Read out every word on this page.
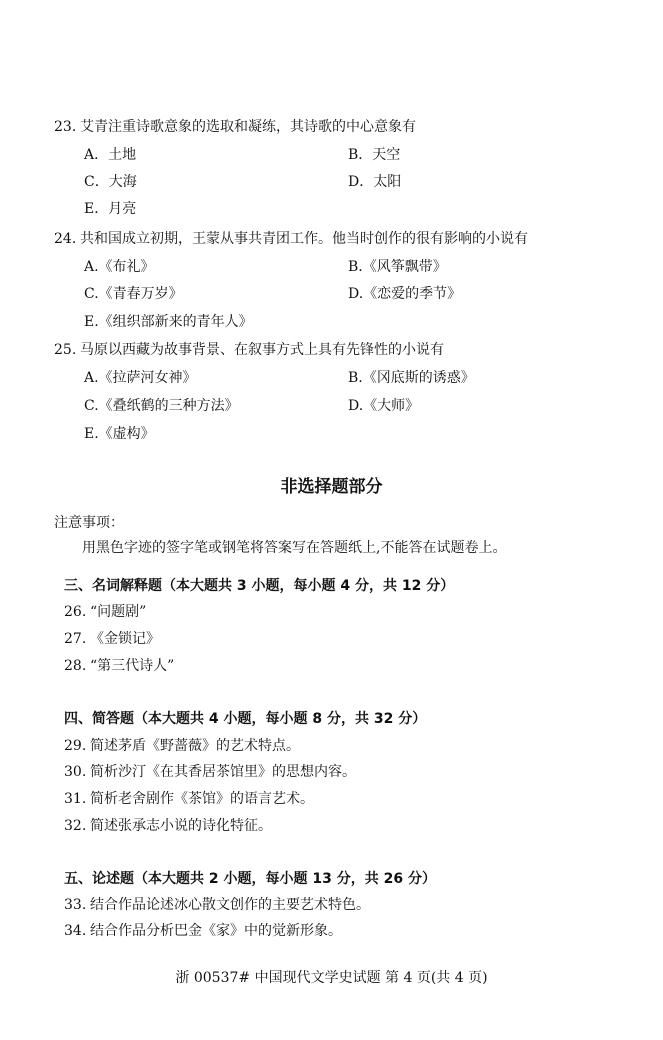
23. 艾青注重诗歌意象的选取和凝练，其诗歌的中心意象有
A．土地	B．天空
C．大海	D．太阳
E．月亮
24. 共和国成立初期，王蒙从事共青团工作。他当时创作的很有影响的小说有
A.《布礼》	B.《风筝飘带》
C.《青春万岁》	D.《恋爱的季节》
E.《组织部新来的青年人》
25. 马原以西藏为故事背景、在叙事方式上具有先锋性的小说有
A.《拉萨河女神》	B.《冈底斯的诱惑》
C.《叠纸鹤的三种方法》	D.《大师》
E.《虚构》
非选择题部分
注意事项：
用黑色字迹的签字笔或钢笔将答案写在答题纸上,不能答在试题卷上。
三、名词解释题（本大题共 3 小题，每小题 4 分，共 12 分）
26. “问题剧”
27. 《金锁记》
28. “第三代诗人”
四、简答题（本大题共 4 小题，每小题 8 分，共 32 分）
29. 简述茅盾《野蔷薇》的艺术特点。
30. 简析沙汀《在其香居茶馆里》的思想内容。
31. 简析老舍剧作《茶馆》的语言艺术。
32. 简述张承志小说的诗化特征。
五、论述题（本大题共 2 小题，每小题 13 分，共 26 分）
33. 结合作品论述冰心散文创作的主要艺术特色。
34. 结合作品分析巴金《家》中的觉新形象。
浙 00537# 中国现代文学史试题 第 4 页(共 4 页)
